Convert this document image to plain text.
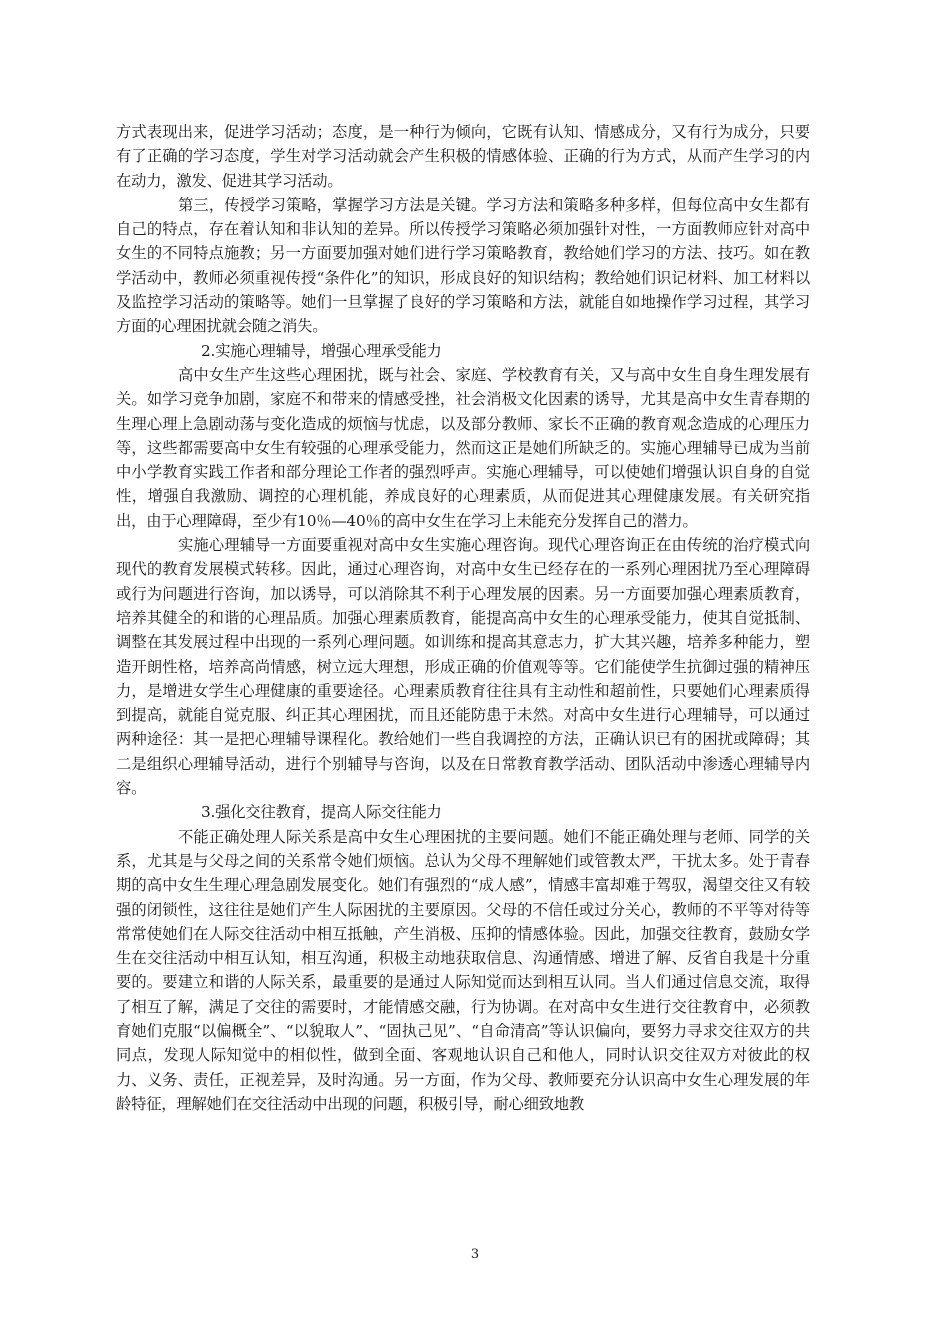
方式表现出来，促进学习活动；态度，是一种行为倾向，它既有认知、情感成分，又有行为成分，只要有了正确的学习态度，学生对学习活动就会产生积极的情感体验、正确的行为方式，从而产生学习的内在动力，激发、促进其学习活动。

第三，传授学习策略，掌握学习方法是关键。学习方法和策略多种多样，但每位高中女生都有自己的特点，存在着认知和非认知的差异。所以传授学习策略必须加强针对性，一方面教师应针对高中女生的不同特点施教；另一方面要加强对她们进行学习策略教育，教给她们学习的方法、技巧。如在教学活动中，教师必须重视传授“条件化”的知识，形成良好的知识结构；教给她们识记材料、加工材料以及监控学习活动的策略等。她们一旦掌握了良好的学习策略和方法，就能自如地操作学习过程，其学习方面的心理困扰就会随之消失。

2.实施心理辅导，增强心理承受能力

高中女生产生这些心理困扰，既与社会、家庭、学校教育有关，又与高中女生自身生理发展有关。如学习竞争加剧，家庭不和带来的情感受挫，社会消极文化因素的诱导，尤其是高中女生青春期的生理心理上急剧动荡与变化造成的烦恼与忧虑，以及部分教师、家长不正确的教育观念造成的心理压力等，这些都需要高中女生有较强的心理承受能力，然而这正是她们所缺乏的。实施心理辅导已成为当前中小学教育实践工作者和部分理论工作者的强烈呼声。实施心理辅导，可以使她们增强认识自身的自觉性，增强自我激励、调控的心理机能，养成良好的心理素质，从而促进其心理健康发展。有关研究指出，由于心理障碍，至少有10％—40％的高中女生在学习上未能充分发挥自己的潜力。

实施心理辅导一方面要重视对高中女生实施心理咨询。现代心理咨询正在由传统的治疗模式向现代的教育发展模式转移。因此，通过心理咨询，对高中女生已经存在的一系列心理困扰乃至心理障碍或行为问题进行咨询，加以诱导，可以消除其不利于心理发展的因素。另一方面要加强心理素质教育，培养其健全的和谐的心理品质。加强心理素质教育，能提高高中女生的心理承受能力，使其自觉抵制、调整在其发展过程中出现的一系列心理问题。如训练和提高其意志力，扩大其兴趣，培养多种能力，塑造开朗性格，培养高尚情感，树立远大理想，形成正确的价值观等等。它们能使学生抗御过强的精神压力，是增进女学生心理健康的重要途径。心理素质教育往往具有主动性和超前性，只要她们心理素质得到提高，就能自觉克服、纠正其心理困扰，而且还能防患于未然。对高中女生进行心理辅导，可以通过两种途径：其一是把心理辅导课程化。教给她们一些自我调控的方法，正确认识已有的困扰或障碍；其二是组织心理辅导活动，进行个别辅导与咨询，以及在日常教育教学活动、团队活动中渗透心理辅导内容。

3.强化交往教育，提高人际交往能力

不能正确处理人际关系是高中女生心理困扰的主要问题。她们不能正确处理与老师、同学的关系，尤其是与父母之间的关系常令她们烦恼。总认为父母不理解她们或管教太严，干扰太多。处于青春期的高中女生生理心理急剧发展变化。她们有强烈的“成人感”，情感丰富却难于驾驭，渴望交往又有较强的闭锁性，这往往是她们产生人际困扰的主要原因。父母的不信任或过分关心，教师的不平等对待等常常使她们在人际交往活动中相互抵触，产生消极、压抑的情感体验。因此，加强交往教育，鼓励女学生在交往活动中相互认知，相互沟通，积极主动地获取信息、沟通情感、增进了解、反省自我是十分重要的。要建立和谐的人际关系，最重要的是通过人际知觉而达到相互认同。当人们通过信息交流，取得了相互了解，满足了交往的需要时，才能情感交融，行为协调。在对高中女生进行交往教育中，必须教育她们克服“以偏概全”、“以貌取人”、“固执己见”、“自命清高”等认识偏向，要努力寻求交往双方的共同点，发现人际知觉中的相似性，做到全面、客观地认识自己和他人，同时认识交往双方对彼此的权力、义务、责任，正视差异，及时沟通。另一方面，作为父母、教师要充分认识高中女生心理发展的年龄特征，理解她们在交往活动中出现的问题，积极引导，耐心细致地教

3
